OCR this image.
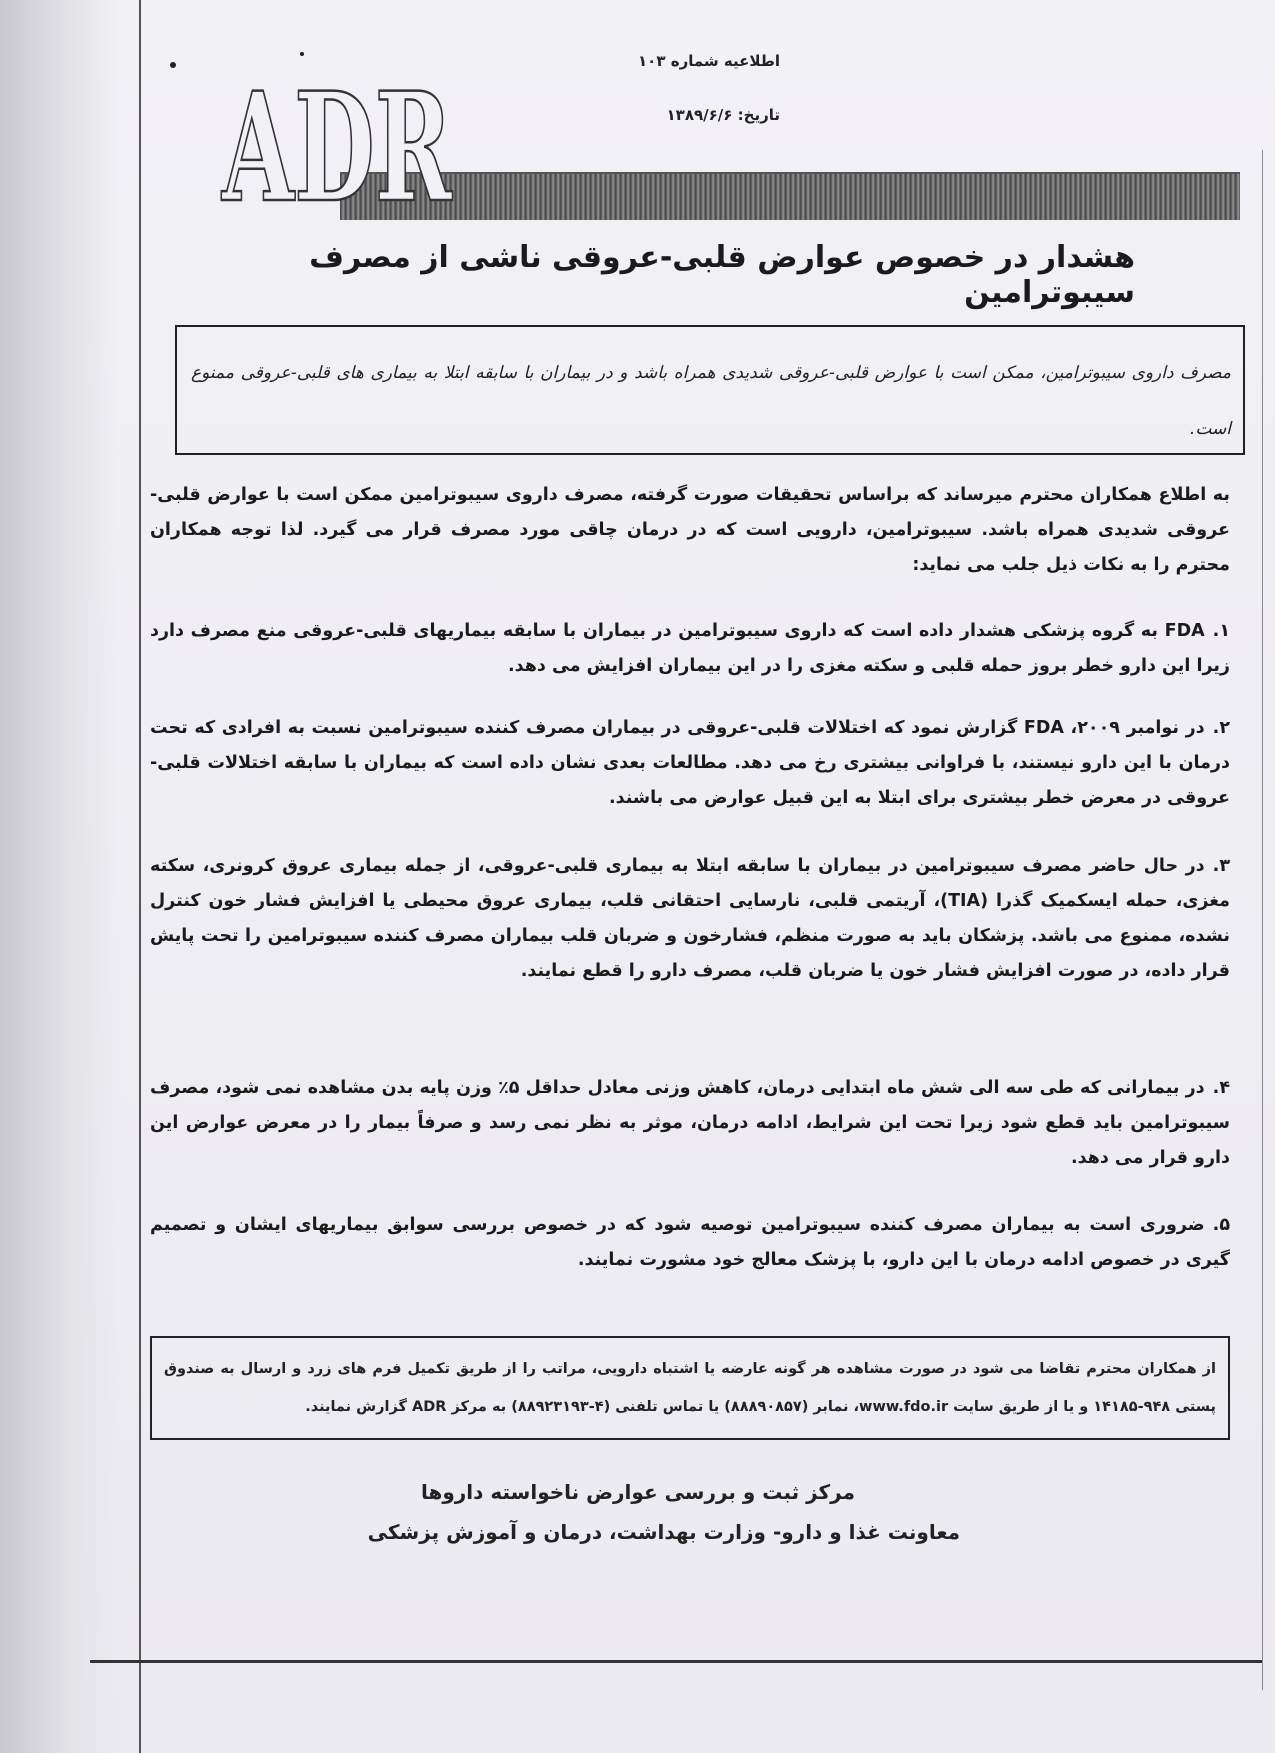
اطلاعیه شماره ۱۰۳
تاریخ: ۱۳۸۹/۶/۶
ADR
هشدار در خصوص عوارض قلبی-عروقی ناشی از مصرف سیبوترامین

مصرف داروی سیبوترامین، ممکن است با عوارض قلبی-عروقی شدیدی همراه باشد و در بیماران با سابقه ابتلا به بیماری های قلبی-عروقی ممنوع است.

به اطلاع همکاران محترم میرساند که براساس تحقیقات صورت گرفته، مصرف داروی سیبوترامین ممکن است با عوارض قلبی-عروقی شدیدی همراه باشد. سیبوترامین، دارویی است که در درمان چاقی مورد مصرف قرار می گیرد. لذا توجه همکاران محترم را به نکات ذیل جلب می نماید:
۱.FDA به گروه پزشکی هشدار داده است که داروی سیبوترامین در بیماران با سابقه بیماریهای قلبی-عروقی منع مصرف دارد زیرا این دارو خطر بروز حمله قلبی و سکته مغزی را در این بیماران افزایش می دهد.
۲.در نوامبر ۲۰۰۹، FDA گزارش نمود که اختلالات قلبی-عروقی در بیماران مصرف کننده سیبوترامین نسبت به افرادی که تحت درمان با این دارو نیستند، با فراوانی بیشتری رخ می دهد. مطالعات بعدی نشان داده است که بیماران با سابقه اختلالات قلبی-عروقی در معرض خطر بیشتری برای ابتلا به این قبیل عوارض می باشند.
۳.در حال حاضر مصرف سیبوترامین در بیماران با سابقه ابتلا به بیماری قلبی-عروقی، از جمله بیماری عروق کرونری، سکته مغزی، حمله ایسکمیک گذرا (TIA)، آریتمی قلبی، نارسایی احتقانی قلب، بیماری عروق محیطی یا افزایش فشار خون کنترل نشده، ممنوع می باشد. پزشکان باید به صورت منظم، فشارخون و ضربان قلب بیماران مصرف کننده سیبوترامین را تحت پایش قرار داده، در صورت افزایش فشار خون یا ضربان قلب، مصرف دارو را قطع نمایند.
۴.در بیمارانی که طی سه الی شش ماه ابتدایی درمان، کاهش وزنی معادل حداقل ۵٪ وزن پایه بدن مشاهده نمی شود، مصرف سیبوترامین باید قطع شود زیرا تحت این شرایط، ادامه درمان، موثر به نظر نمی رسد و صرفاً بیمار را در معرض عوارض این دارو قرار می دهد.
۵.ضروری است به بیماران مصرف کننده سیبوترامین توصیه شود که در خصوص بررسی سوابق بیماریهای ایشان و تصمیم گیری در خصوص ادامه درمان با این دارو، با پزشک معالج خود مشورت نمایند.
از همکاران محترم تقاضا می شود در صورت مشاهده هر گونه عارضه یا اشتباه دارویی، مراتب را از طریق تکمیل فرم های زرد و ارسال به صندوق پستی ۹۴۸-۱۴۱۸۵ و یا از طریق سایت www.fdo.ir، نمابر (۸۸۸۹۰۸۵۷) یا تماس تلفنی (۴-۸۸۹۲۳۱۹۳) به مرکز ADR گزارش نمایند.
مرکز ثبت و بررسی عوارض ناخواسته داروها
معاونت غذا و دارو- وزارت بهداشت، درمان و آموزش پزشکی
